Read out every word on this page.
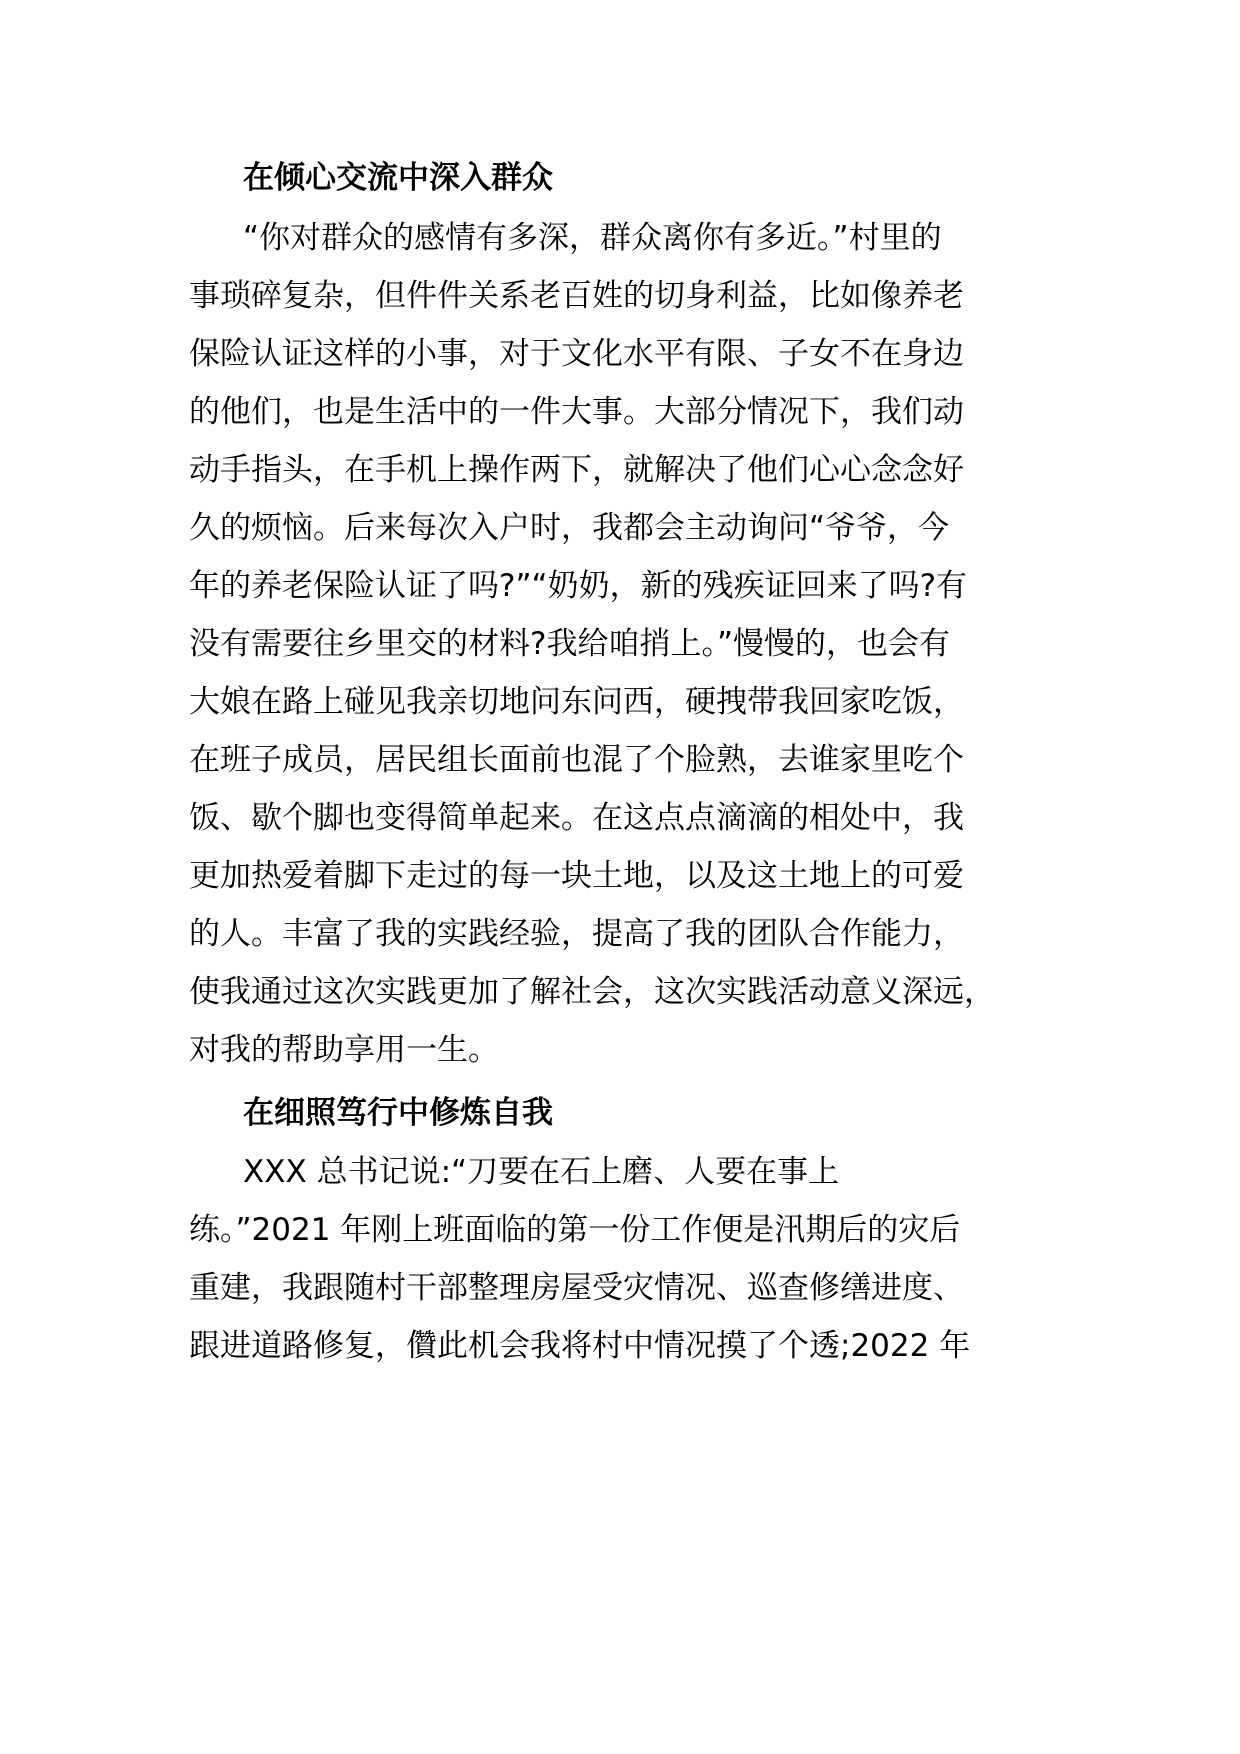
在倾心交流中深入群众
“你对群众的感情有多深，群众离你有多近。”村里的
事琐碎复杂，但件件关系老百姓的切身利益，比如像养老
保险认证这样的小事，对于文化水平有限、子女不在身边
的他们，也是生活中的一件大事。大部分情况下，我们动
动手指头，在手机上操作两下，就解决了他们心心念念好
久的烦恼。后来每次入户时，我都会主动询问“爷爷，今
年的养老保险认证了吗?”“奶奶，新的残疾证回来了吗?有
没有需要往乡里交的材料?我给咱捎上。”慢慢的，也会有
大娘在路上碰见我亲切地问东问西，硬拽带我回家吃饭，
在班子成员，居民组长面前也混了个脸熟，去谁家里吃个
饭、歇个脚也变得简单起来。在这点点滴滴的相处中，我
更加热爱着脚下走过的每一块土地，以及这土地上的可爱
的人。丰富了我的实践经验，提高了我的团队合作能力，
使我通过这次实践更加了解社会，这次实践活动意义深远，
对我的帮助享用一生。
在细照笃行中修炼自我
XXX 总书记说:“刀要在石上磨、人要在事上
练。”2021 年刚上班面临的第一份工作便是汛期后的灾后
重建，我跟随村干部整理房屋受灾情况、巡查修缮进度、
跟进道路修复，儹此机会我将村中情况摸了个透;2022 年
